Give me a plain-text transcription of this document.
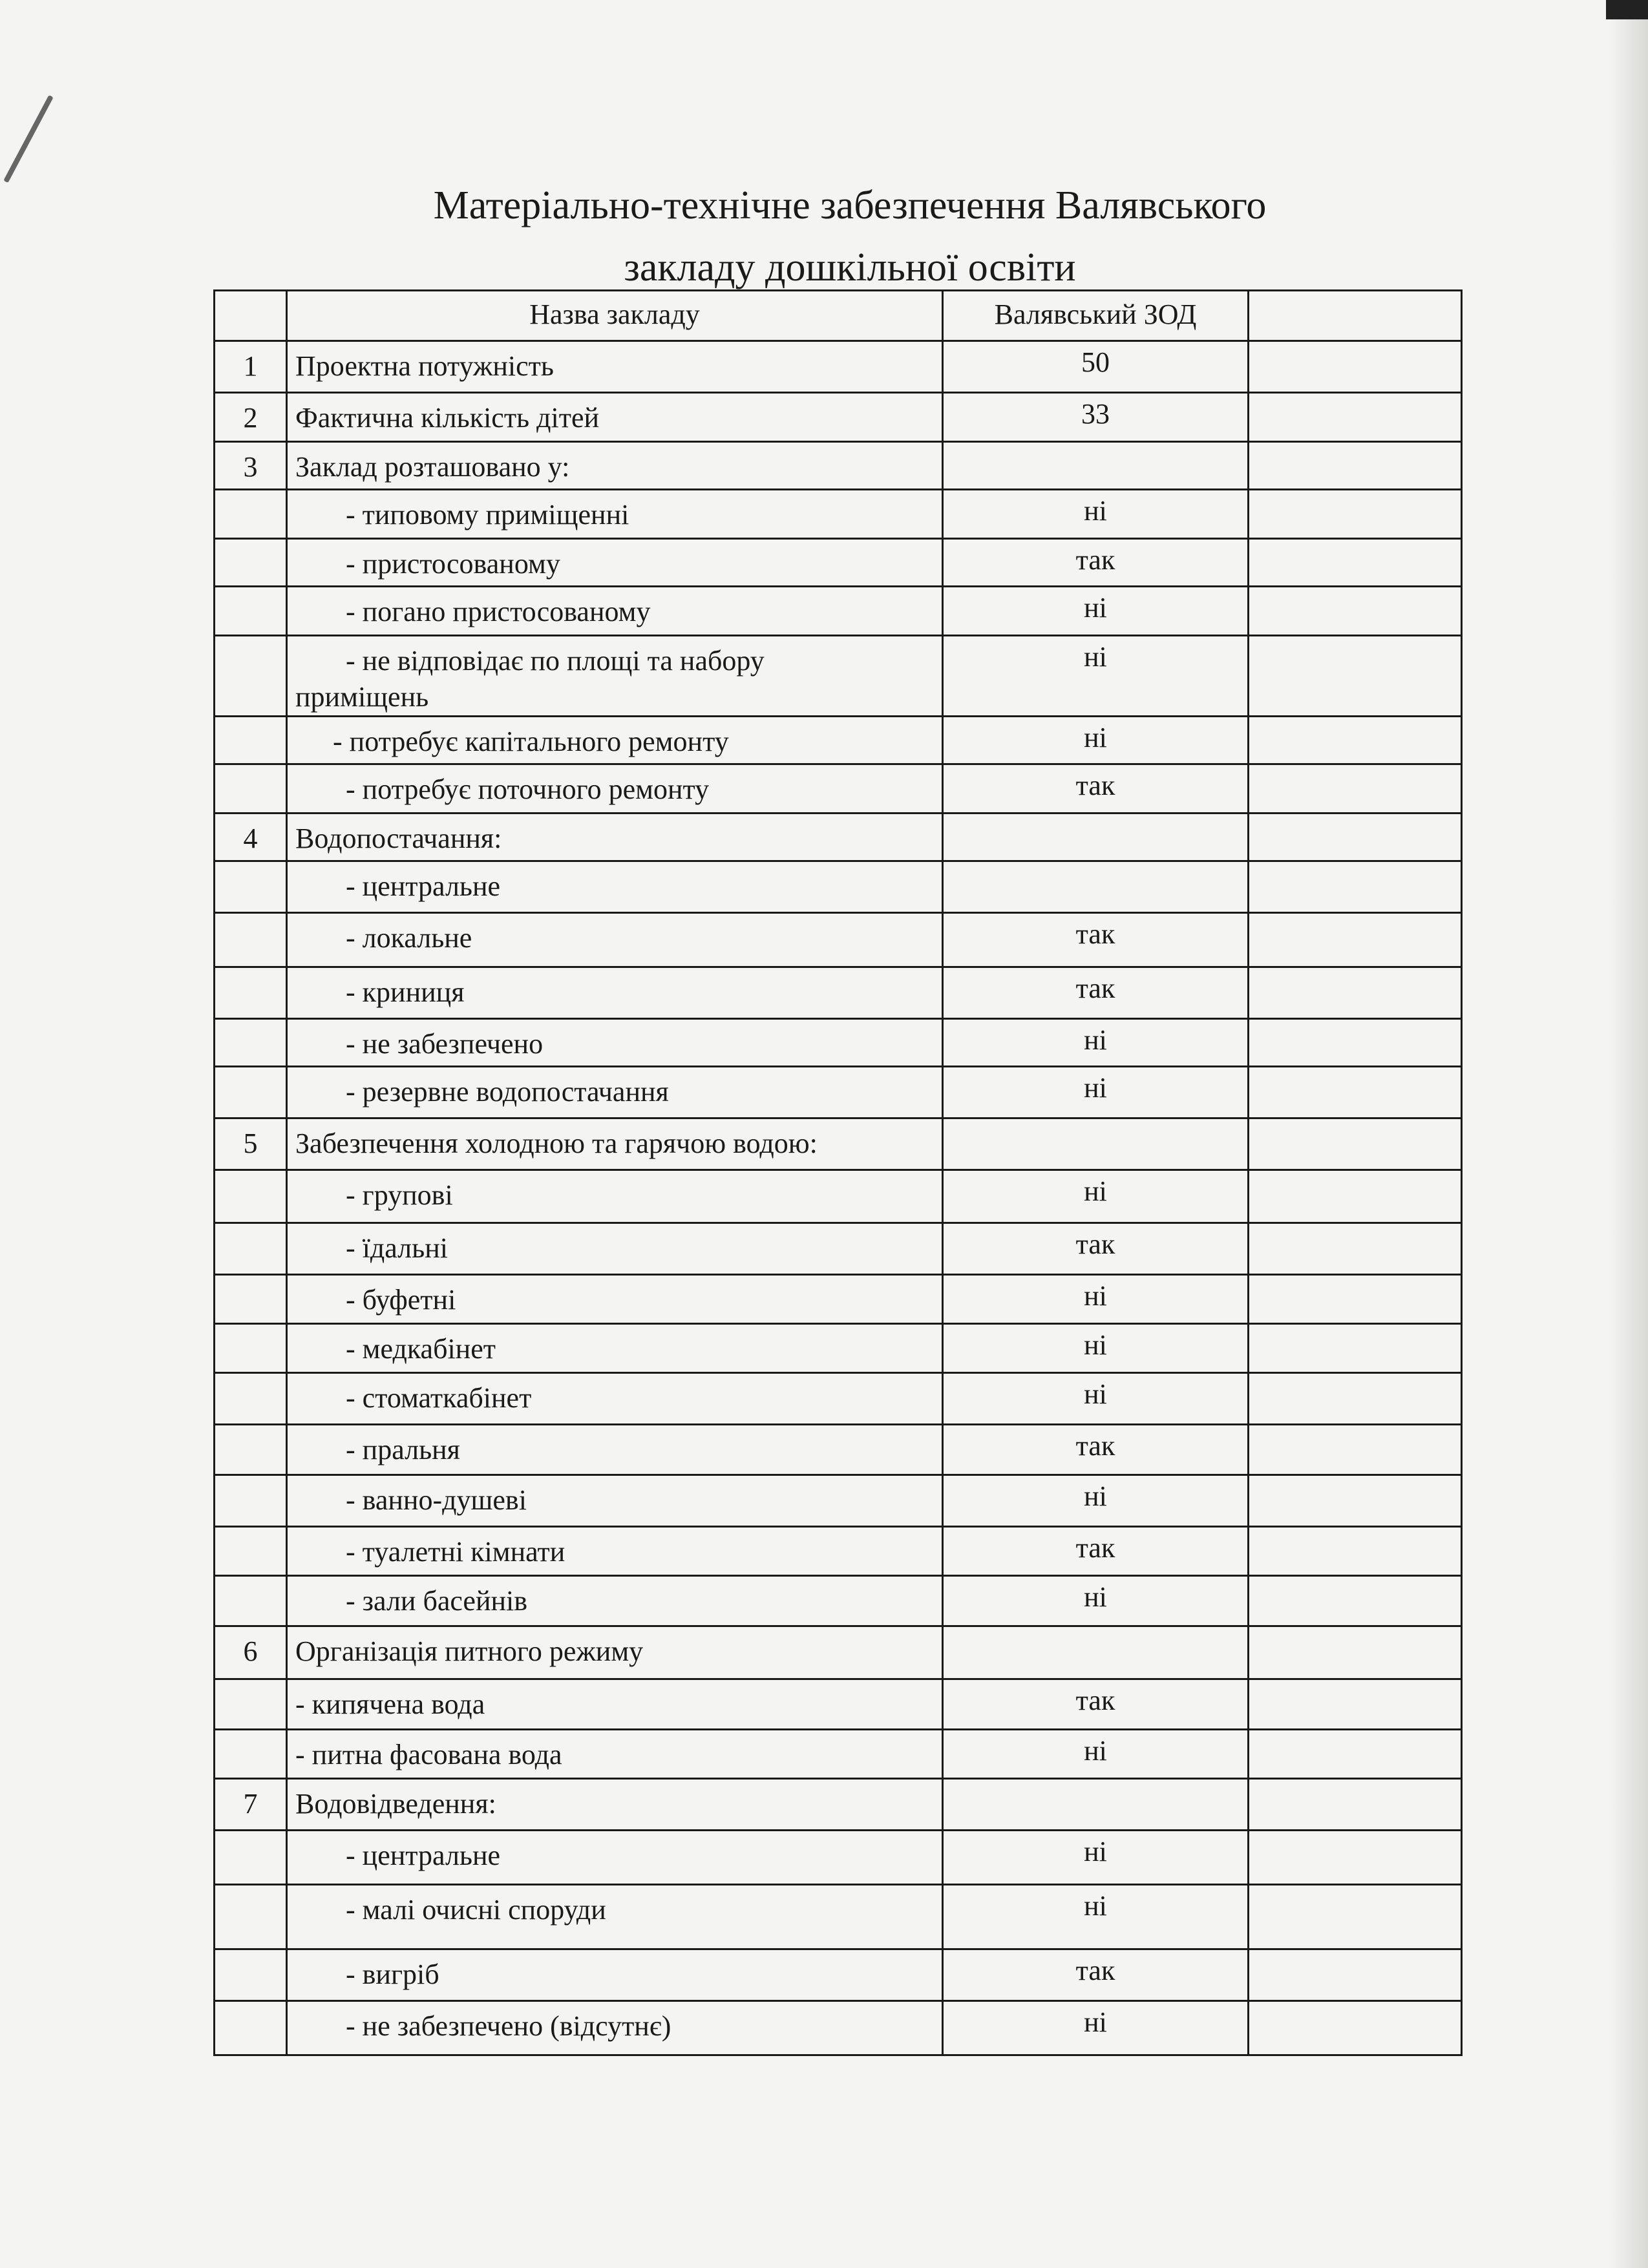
Матеріально-технічне забезпечення Валявського
закладу дошкільної освіти
	Назва закладу	Валявський ЗОД	
1	Проектна потужність	50	
2	Фактична кількість дітей	33	
3	Заклад розташовано у:		
	- типовому приміщенні	ні	
	- пристосованому	так	
	- погано пристосованому	ні	
	- не відповідає по площі та набору
приміщень	ні	
	- потребує капітального ремонту	ні	
	- потребує поточного ремонту	так	
4	Водопостачання:		
	- центральне		
	- локальне	так	
	- криниця	так	
	- не забезпечено	ні	
	- резервне водопостачання	ні	
5	Забезпечення холодною та гарячою водою:		
	- групові	ні	
	- їдальні	так	
	- буфетні	ні	
	- медкабінет	ні	
	- стоматкабінет	ні	
	- пральня	так	
	- ванно-душеві	ні	
	- туалетні кімнати	так	
	- зали басейнів	ні	
6	Організація питного режиму		
	- кипячена вода	так	
	- питна фасована вода	ні	
7	Водовідведення:		
	- центральне	ні	
	- малі очисні споруди	ні	
	- вигріб	так	
	- не забезпечено (відсутнє)	ні	
